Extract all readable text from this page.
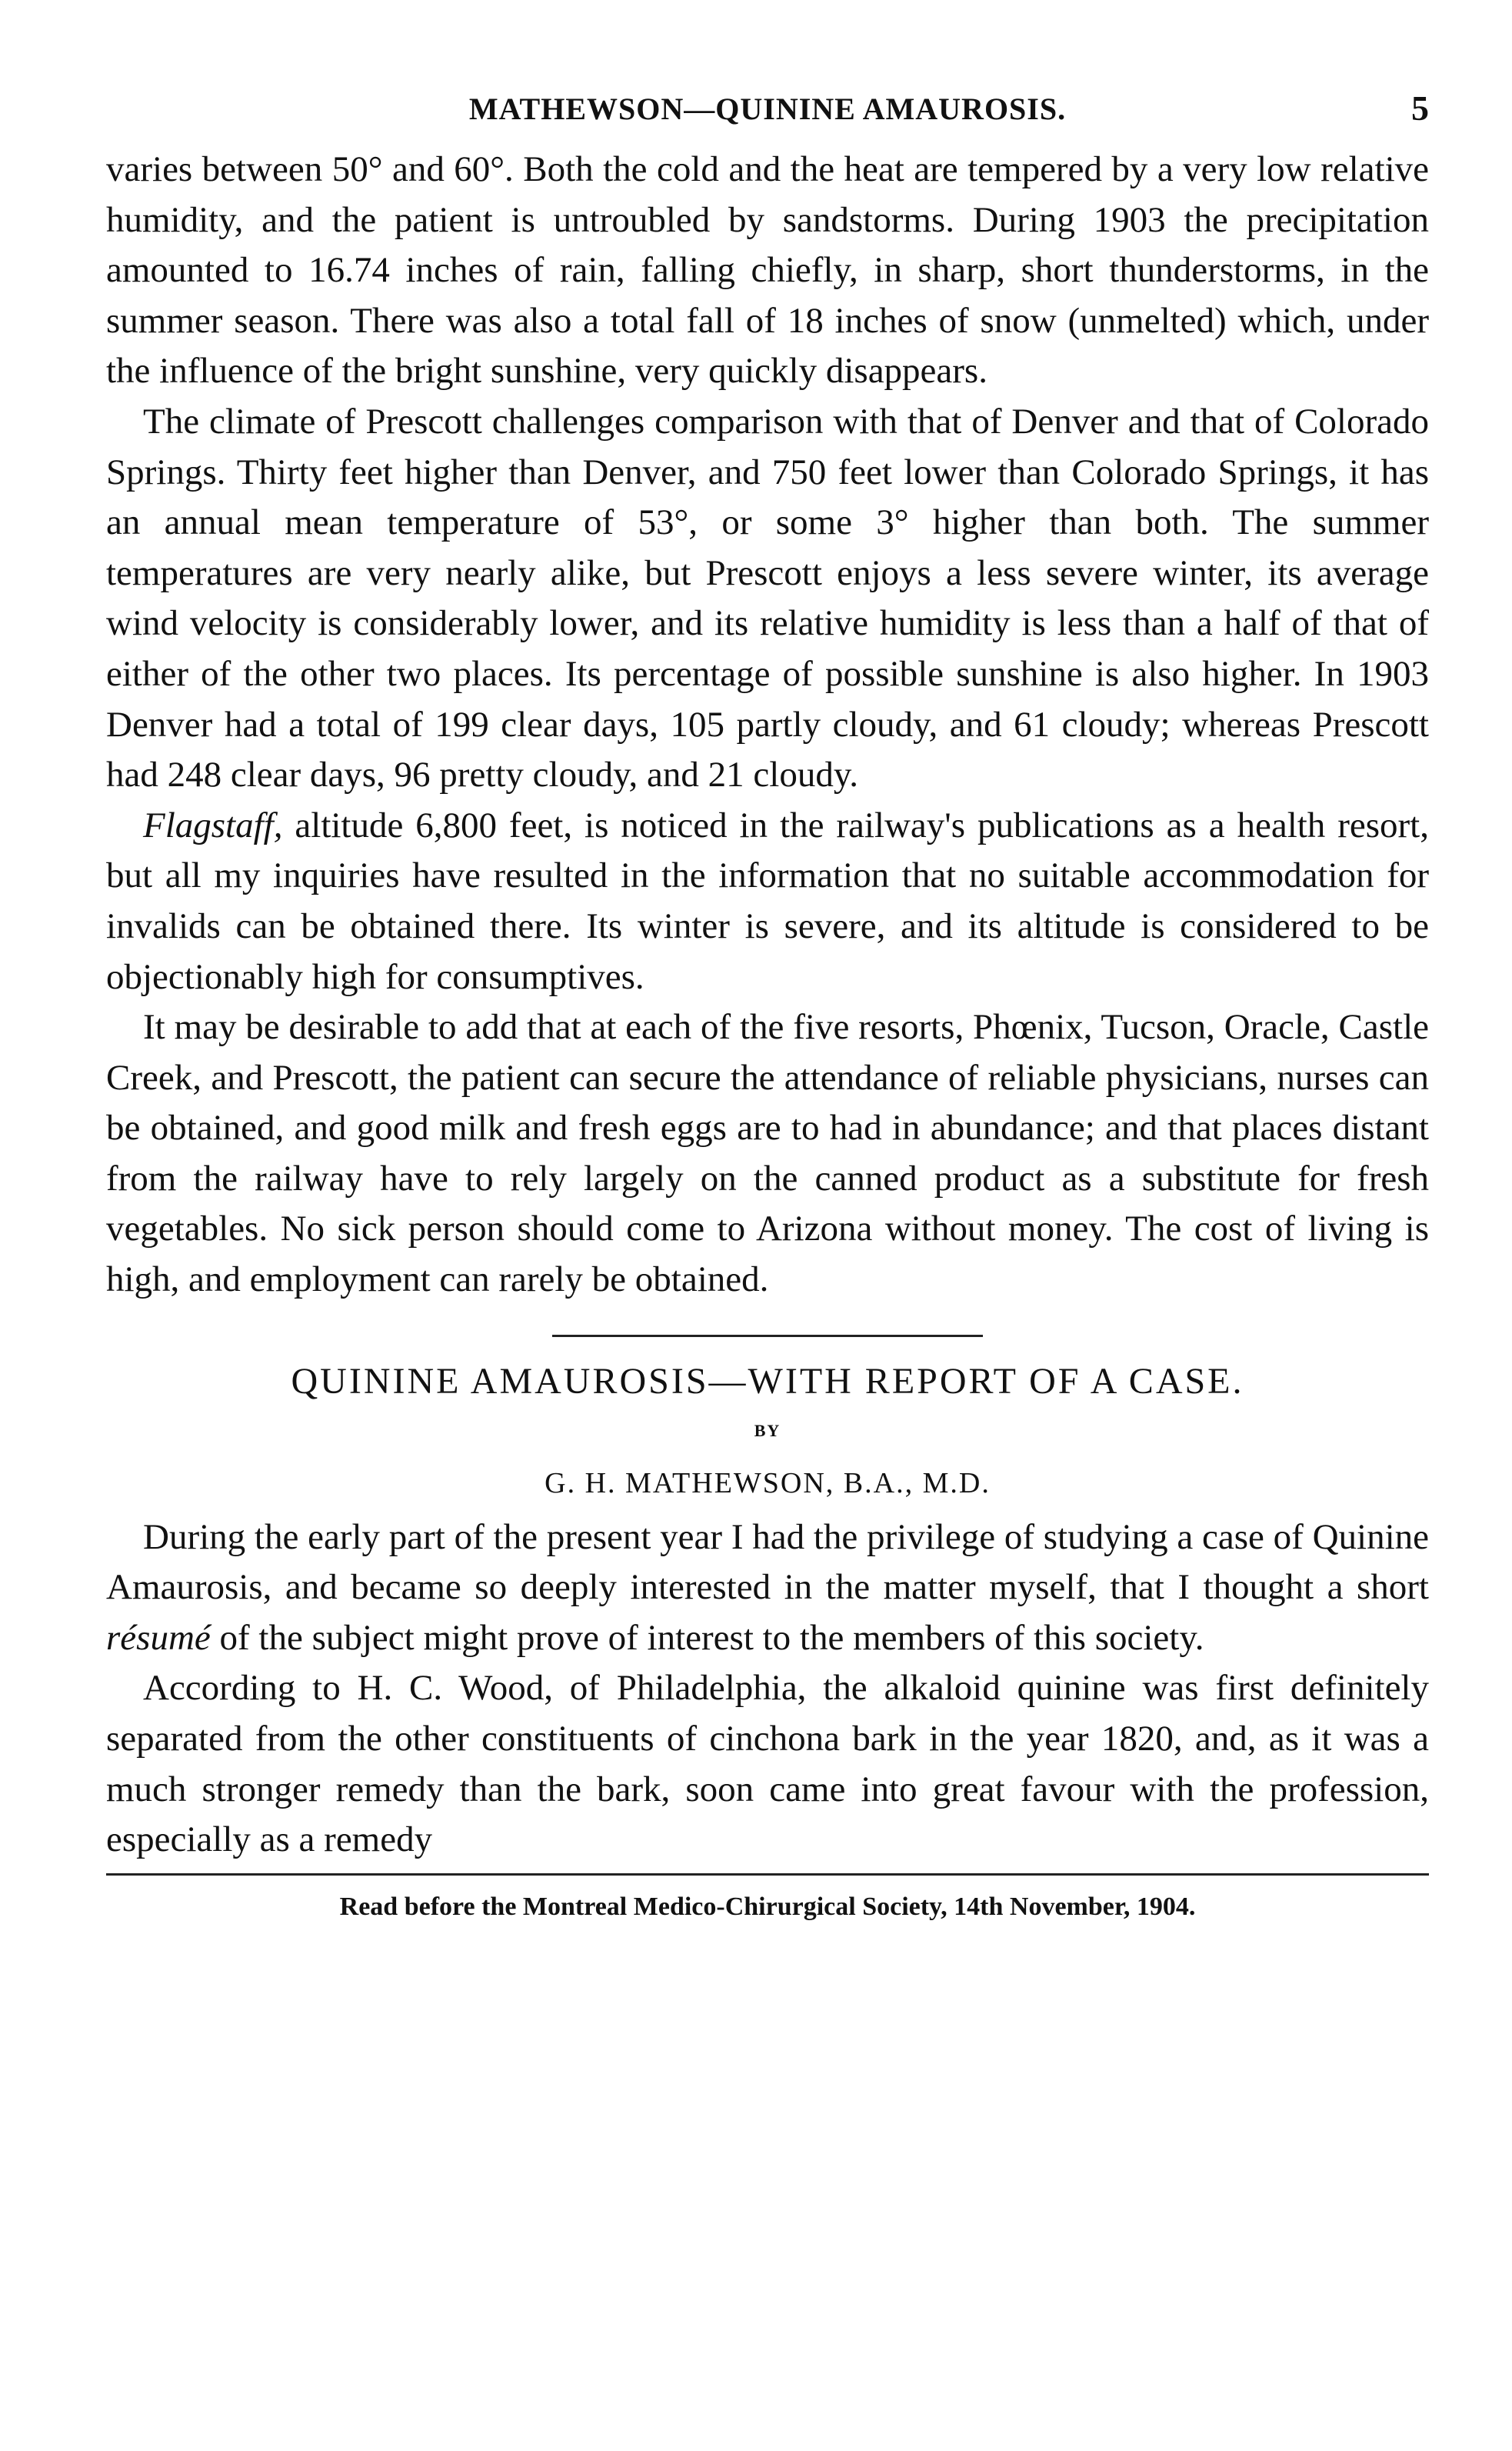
MATHEWSON—QUININE AMAUROSIS.	5

varies between 50° and 60°. Both the cold and the heat are tempered by a very low relative humidity, and the patient is untroubled by sandstorms. During 1903 the precipitation amounted to 16.74 inches of rain, falling chiefly, in sharp, short thunderstorms, in the summer season. There was also a total fall of 18 inches of snow (unmelted) which, under the influence of the bright sunshine, very quickly disappears.

The climate of Prescott challenges comparison with that of Denver and that of Colorado Springs. Thirty feet higher than Denver, and 750 feet lower than Colorado Springs, it has an annual mean temperature of 53°, or some 3° higher than both. The summer temperatures are very nearly alike, but Prescott enjoys a less severe winter, its average wind velocity is considerably lower, and its relative humidity is less than a half of that of either of the other two places. Its percentage of possible sunshine is also higher. In 1903 Denver had a total of 199 clear days, 105 partly cloudy, and 61 cloudy; whereas Prescott had 248 clear days, 96 pretty cloudy, and 21 cloudy.

Flagstaff, altitude 6,800 feet, is noticed in the railway's publications as a health resort, but all my inquiries have resulted in the information that no suitable accommodation for invalids can be obtained there. Its winter is severe, and its altitude is considered to be objectionably high for consumptives.

It may be desirable to add that at each of the five resorts, Phœnix, Tucson, Oracle, Castle Creek, and Prescott, the patient can secure the attendance of reliable physicians, nurses can be obtained, and good milk and fresh eggs are to had in abundance; and that places distant from the railway have to rely largely on the canned product as a substitute for fresh vegetables. No sick person should come to Arizona without money. The cost of living is high, and employment can rarely be obtained.

QUININE AMAUROSIS—WITH REPORT OF A CASE.

BY

G. H. MATHEWSON, B.A., M.D.

During the early part of the present year I had the privilege of studying a case of Quinine Amaurosis, and became so deeply interested in the matter myself, that I thought a short résumé of the subject might prove of interest to the members of this society.

According to H. C. Wood, of Philadelphia, the alkaloid quinine was first definitely separated from the other constituents of cinchona bark in the year 1820, and, as it was a much stronger remedy than the bark, soon came into great favour with the profession, especially as a remedy

Read before the Montreal Medico-Chirurgical Society, 14th November, 1904.
